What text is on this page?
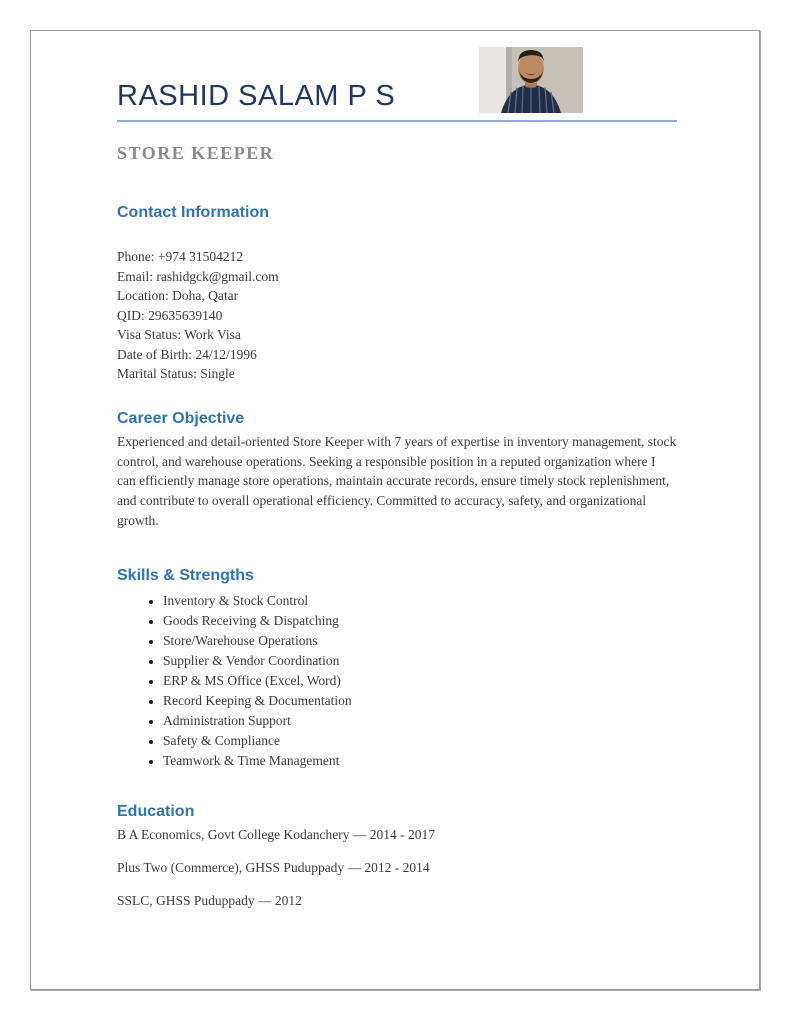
RASHID SALAM P S
STORE KEEPER
Contact Information
Phone: +974 31504212
Email: rashidgck@gmail.com
Location: Doha, Qatar
QID: 29635639140
Visa Status: Work Visa
Date of Birth: 24/12/1996
Marital Status: Single
Career Objective
Experienced and detail-oriented Store Keeper with 7 years of expertise in inventory management, stock control, and warehouse operations. Seeking a responsible position in a reputed organization where I can efficiently manage store operations, maintain accurate records, ensure timely stock replenishment, and contribute to overall operational efficiency. Committed to accuracy, safety, and organizational growth.
Skills & Strengths
• Inventory & Stock Control
• Goods Receiving & Dispatching
• Store/Warehouse Operations
• Supplier & Vendor Coordination
• ERP & MS Office (Excel, Word)
• Record Keeping & Documentation
• Administration Support
• Safety & Compliance
• Teamwork & Time Management
Education
B A Economics, Govt College Kodanchery — 2014 - 2017
Plus Two (Commerce), GHSS Puduppady — 2012 - 2014
SSLC, GHSS Puduppady — 2012
